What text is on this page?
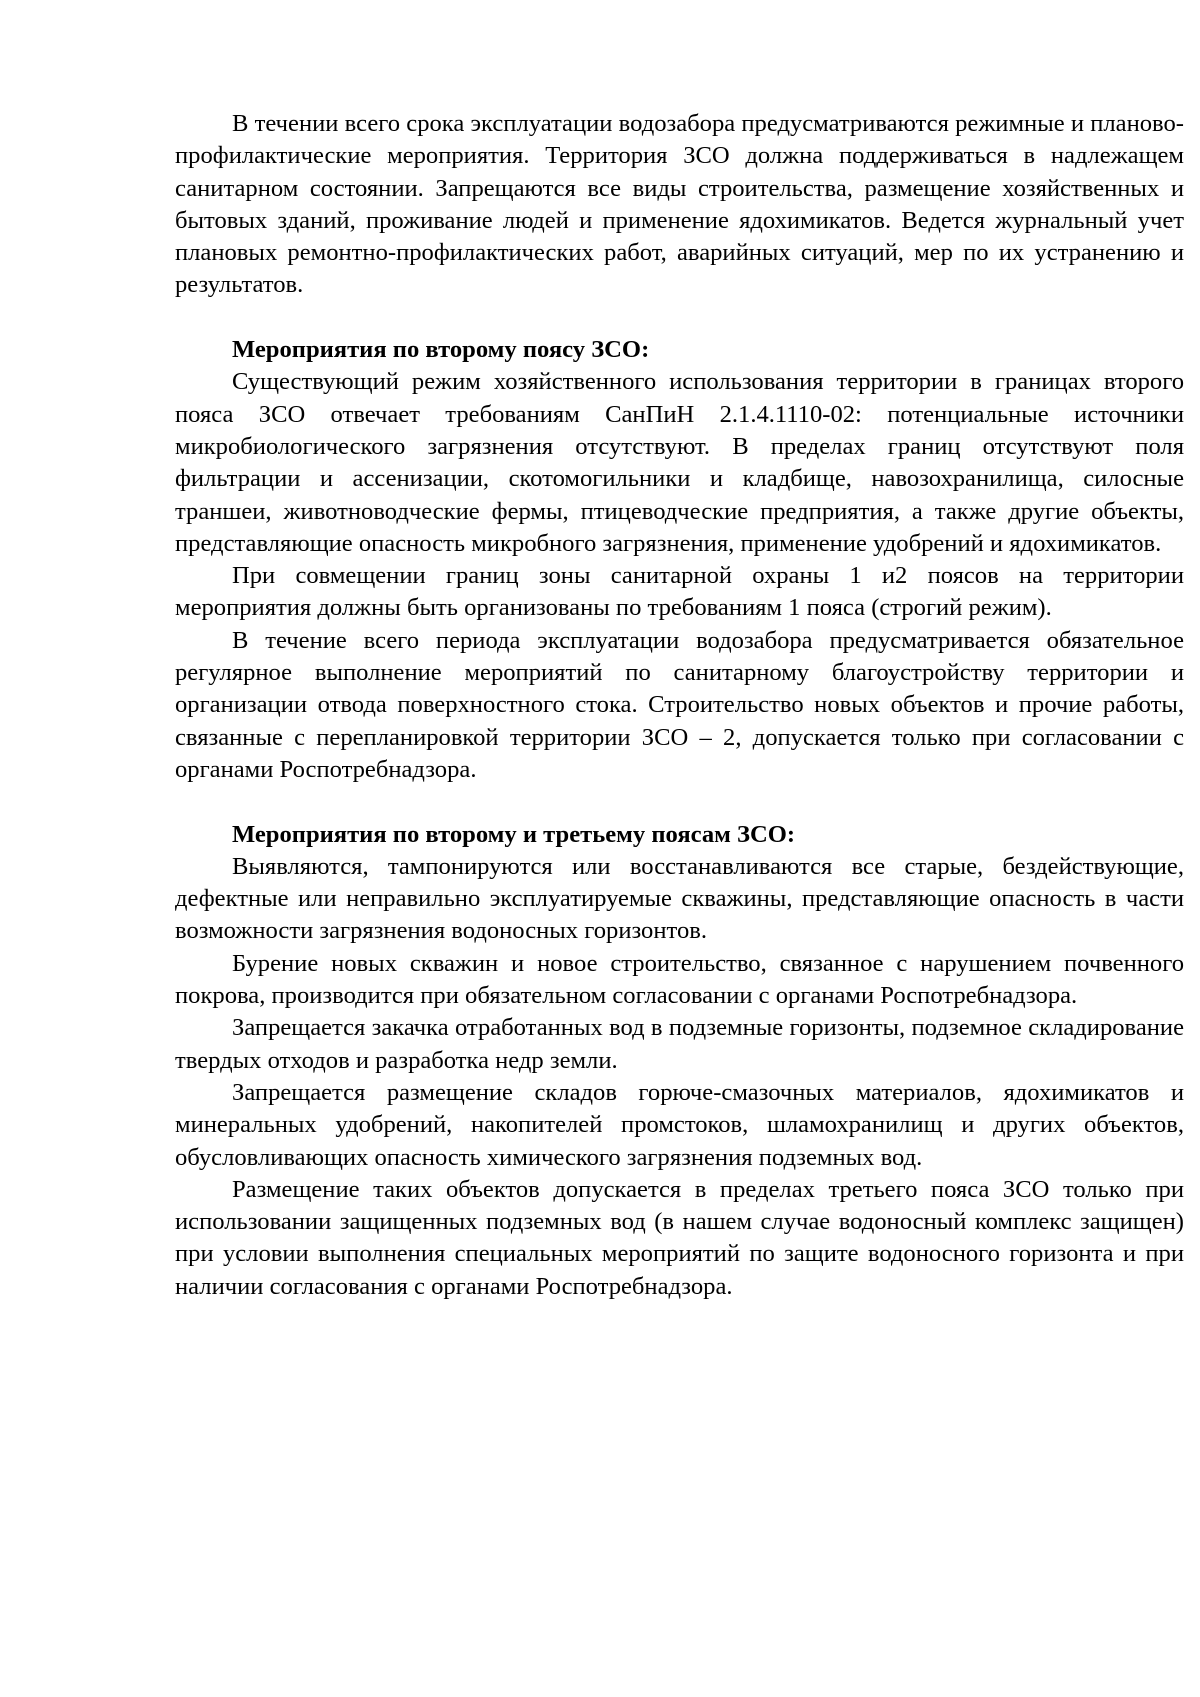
В течении всего срока эксплуатации водозабора предусматриваются режимные и планово-профилактические мероприятия. Территория ЗСО должна поддерживаться в надлежащем санитарном состоянии. Запрещаются все виды строительства, размещение хозяйственных и бытовых зданий, проживание людей и применение ядохимикатов. Ведется журнальный учет плановых ремонтно-профилактических работ, аварийных ситуаций, мер по их устранению и результатов.

Мероприятия по второму поясу ЗСО:

Существующий режим хозяйственного использования территории в границах второго пояса ЗСО отвечает требованиям СанПиН 2.1.4.1110-02: потенциальные источники микробиологического загрязнения отсутствуют. В пределах границ отсутствуют поля фильтрации и ассенизации, скотомогильники и кладбище, навозохранилища, силосные траншеи, животноводческие фермы, птицеводческие предприятия, а также другие объекты, представляющие опасность микробного загрязнения, применение удобрений и ядохимикатов.

При совмещении границ зоны санитарной охраны 1 и2 поясов на территории мероприятия должны быть организованы по требованиям 1 пояса (строгий режим).

В течение всего периода эксплуатации водозабора предусматривается обязательное регулярное выполнение мероприятий по санитарному благоустройству территории и организации отвода поверхностного стока. Строительство новых объектов и прочие работы, связанные с перепланировкой территории ЗСО – 2, допускается только при согласовании с органами Роспотребнадзора.

Мероприятия по второму и третьему поясам ЗСО:

Выявляются, тампонируются или восстанавливаются все старые, бездействующие, дефектные или неправильно эксплуатируемые скважины, представляющие опасность в части возможности загрязнения водоносных горизонтов.

Бурение новых скважин и новое строительство, связанное с нарушением почвенного покрова, производится при обязательном согласовании с органами Роспотребнадзора.

Запрещается закачка отработанных вод в подземные горизонты, подземное складирование твердых отходов и разработка недр земли.

Запрещается размещение складов горюче-смазочных материалов, ядохимикатов и минеральных удобрений, накопителей промстоков, шламохранилищ и других объектов, обусловливающих опасность химического загрязнения подземных вод.

Размещение таких объектов допускается в пределах третьего пояса ЗСО только при использовании защищенных подземных вод (в нашем случае водоносный комплекс защищен) при условии выполнения специальных мероприятий по защите водоносного горизонта и при наличии согласования с органами Роспотребнадзора.
